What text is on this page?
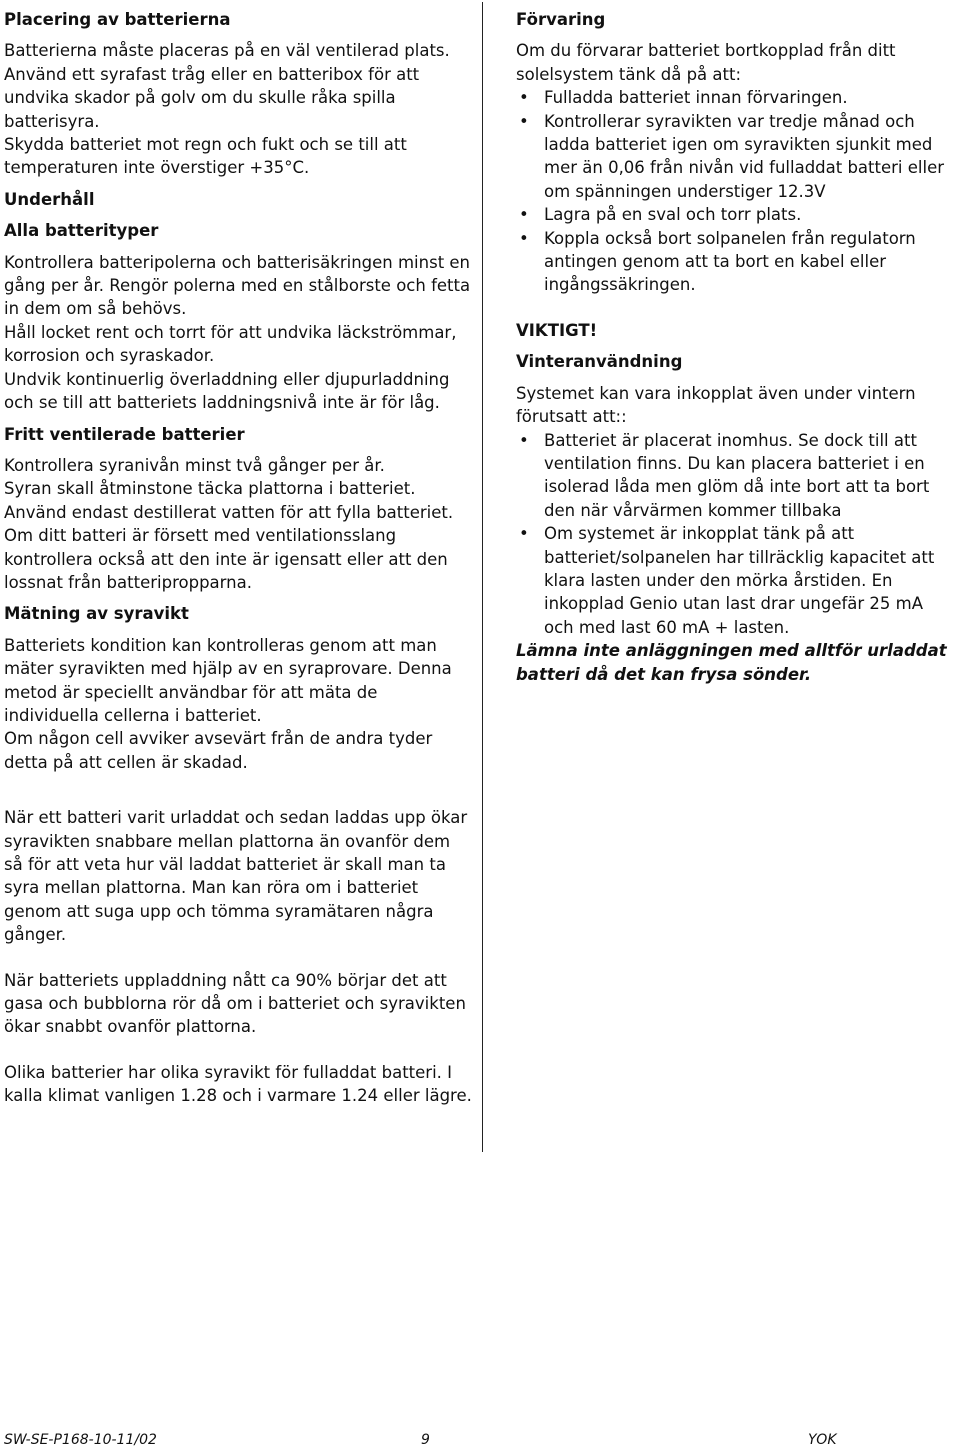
Placering av batterierna

Batterierna måste placeras på en väl ventilerad plats. Använd ett syrafast tråg eller en batteribox för att undvika skador på golv om du skulle råka spilla batterisyra.

Skydda batteriet mot regn och fukt och se till att temperaturen inte överstiger +35°C.

Underhåll

Alla batterityper

Kontrollera batteripolerna och batterisäkringen minst en gång per år. Rengör polerna med en stålborste och fetta in dem om så behövs.

Håll locket rent och torrt för att undvika läckströmmar, korrosion och syraskador.

Undvik kontinuerlig överladdning eller djupurladdning och se till att batteriets laddningsnivå inte är för låg.

Fritt ventilerade batterier

Kontrollera syranivån minst två gånger per år.

Syran skall åtminstone täcka plattorna i batteriet. Använd endast destillerat vatten för att fylla batteriet.

Om ditt batteri är försett med ventilationsslang kontrollera också att den inte är igensatt eller att den lossnat från batteripropparna.

Mätning av syravikt

Batteriets kondition kan kontrolleras genom att man mäter syravikten med hjälp av en syraprovare. Denna metod är speciellt användbar för att mäta de individuella cellerna i batteriet.

Om någon cell avviker avsevärt från de andra tyder detta på att cellen är skadad.

När ett batteri varit urladdat och sedan laddas upp ökar syravikten snabbare mellan plattorna än ovanför dem så för att veta hur väl laddat batteriet är skall man ta syra mellan plattorna. Man kan röra om i batteriet genom att suga upp och tömma syramätaren några gånger.

När batteriets uppladdning nått ca 90% börjar det att gasa och bubblorna rör då om i batteriet och syravikten ökar snabbt ovanför plattorna.

Olika batterier har olika syravikt för fulladdat batteri. I kalla klimat vanligen 1.28 och i varmare 1.24 eller lägre.

Förvaring

Om du förvarar batteriet bortkopplad från ditt solelsystem tänk då på att:

• Fulladda batteriet innan förvaringen.
• Kontrollerar syravikten var tredje månad och ladda batteriet igen om syravikten sjunkit med mer än 0,06 från nivån vid fulladdat batteri eller om spänningen understiger 12.3V
• Lagra på en sval och torr plats.
• Koppla också bort solpanelen från regulatorn antingen genom att ta bort en kabel eller ingångssäkringen.

VIKTIGT!

Vinteranvändning

Systemet kan vara inkopplat även under vintern förutsatt att::

• Batteriet är placerat inomhus. Se dock till att ventilation finns. Du kan placera batteriet i en isolerad låda men glöm då inte bort att ta bort den när vårvärmen kommer tillbaka
• Om systemet är inkopplat tänk på att batteriet/solpanelen har tillräcklig kapacitet att klara lasten under den mörka årstiden. En inkopplad Genio utan last drar ungefär 25 mA och med last 60 mA + lasten.

Lämna inte anläggningen med alltför urladdat batteri då det kan frysa sönder.

SW-SE-P168-10-11/02	9	YOK
